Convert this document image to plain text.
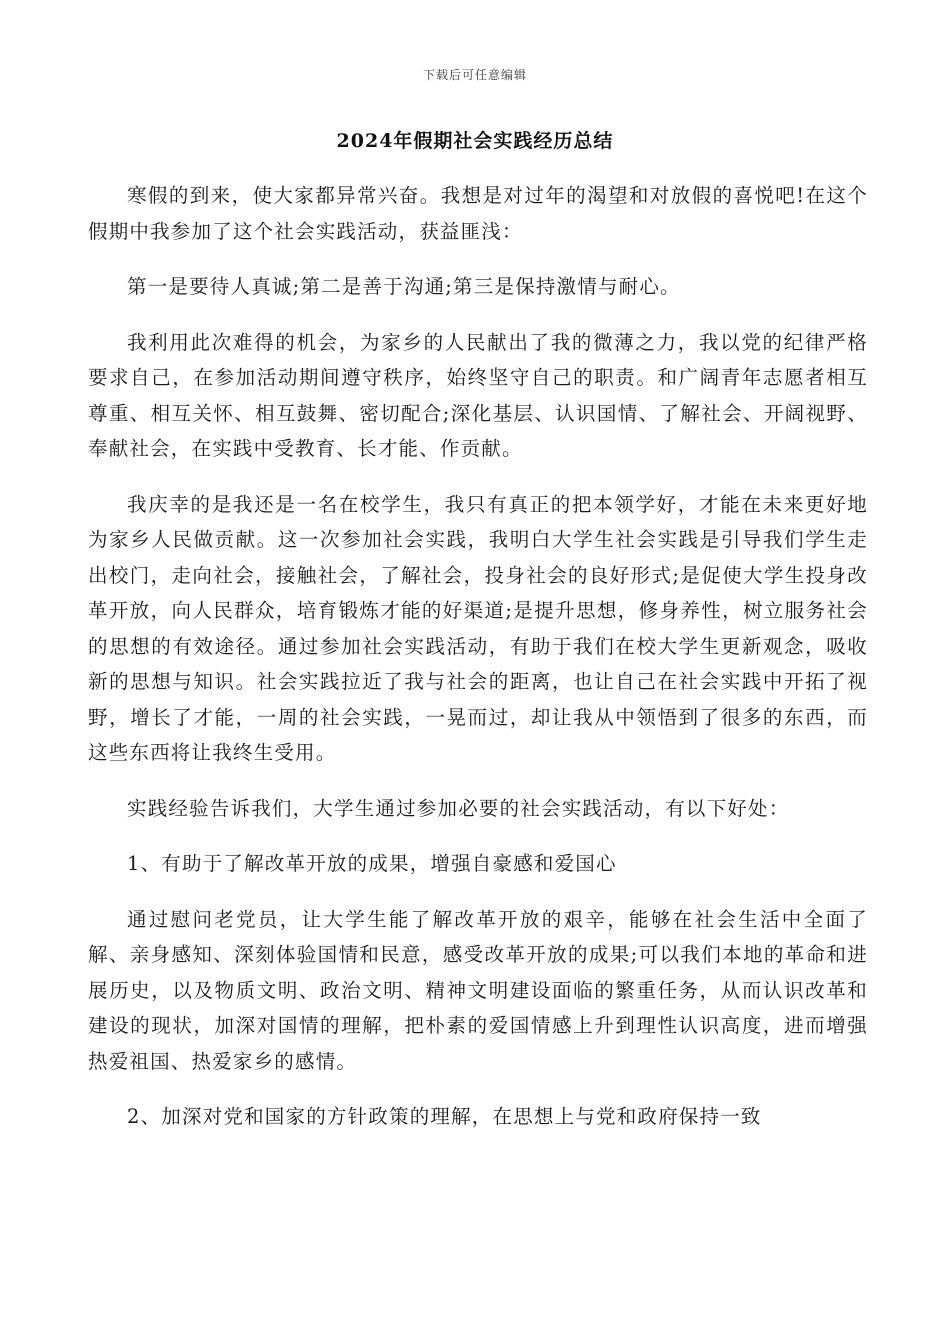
下载后可任意编辑
2024年假期社会实践经历总结

寒假的到来，使大家都异常兴奋。我想是对过年的渴望和对放假的喜悦吧!在这个假期中我参加了这个社会实践活动，获益匪浅：

第一是要待人真诚;第二是善于沟通;第三是保持激情与耐心。

我利用此次难得的机会，为家乡的人民献出了我的微薄之力，我以党的纪律严格要求自己，在参加活动期间遵守秩序，始终坚守自己的职责。和广阔青年志愿者相互尊重、相互关怀、相互鼓舞、密切配合;深化基层、认识国情、了解社会、开阔视野、奉献社会，在实践中受教育、长才能、作贡献。

我庆幸的是我还是一名在校学生，我只有真正的把本领学好，才能在未来更好地为家乡人民做贡献。这一次参加社会实践，我明白大学生社会实践是引导我们学生走出校门，走向社会，接触社会，了解社会，投身社会的良好形式;是促使大学生投身改革开放，向人民群众，培育锻炼才能的好渠道;是提升思想，修身养性，树立服务社会的思想的有效途径。通过参加社会实践活动，有助于我们在校大学生更新观念，吸收新的思想与知识。社会实践拉近了我与社会的距离，也让自己在社会实践中开拓了视野，增长了才能，一周的社会实践，一晃而过，却让我从中领悟到了很多的东西，而这些东西将让我终生受用。

实践经验告诉我们，大学生通过参加必要的社会实践活动，有以下好处：

1、有助于了解改革开放的成果，增强自豪感和爱国心

通过慰问老党员，让大学生能了解改革开放的艰辛，能够在社会生活中全面了解、亲身感知、深刻体验国情和民意，感受改革开放的成果;可以我们本地的革命和进展历史，以及物质文明、政治文明、精神文明建设面临的繁重任务，从而认识改革和建设的现状，加深对国情的理解，把朴素的爱国情感上升到理性认识高度，进而增强热爱祖国、热爱家乡的感情。

2、加深对党和国家的方针政策的理解，在思想上与党和政府保持一致
